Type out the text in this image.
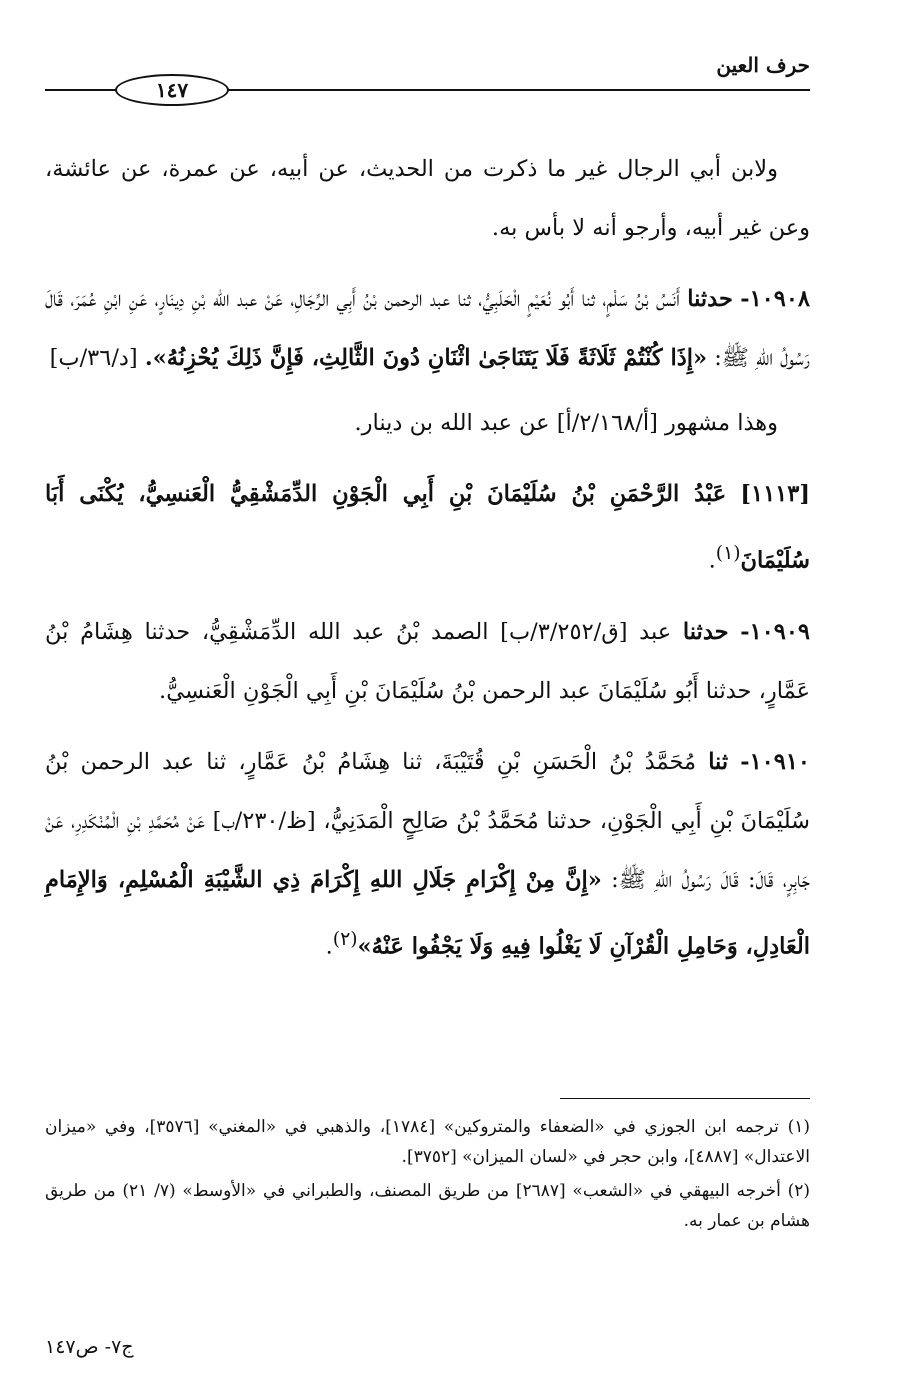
حرف العين
١٤٧

ولابن أبي الرجال غير ما ذكرت من الحديث، عن أبيه، عن عمرة، عن عائشة، وعن غير أبيه، وأرجو أنه لا بأس به.

١٠٩٠٨- حدثنا أَنَسُ بْنُ سَلْمٍ، ثنا أَبُو نُعَيْمٍ الْحَلَبِيُّ، ثنا عبد الرحمن بْنُ أَبِي الرِّجَالِ، عَنْ عبد الله بْنِ دِينَارٍ، عَنِ ابْنِ عُمَرَ، قَالَ رَسُولُ اللهِ ﷺ: «إِذَا كُنْتُمْ ثَلَاثَةً فَلَا يَتَنَاجَىٰ اثْنَانِ دُونَ الثَّالِثِ، فَإِنَّ ذَلِكَ يُحْزِنُهُ». [د/٣٦/ب]

وهذا مشهور [أ/٢/١٦٨/أ] عن عبد الله بن دينار.

[١١١٣] عَبْدُ الرَّحْمَنِ بْنُ سُلَيْمَانَ بْنِ أَبِي الْجَوْنِ الدِّمَشْقِيُّ الْعَنسِيُّ، يُكْنَى أَبَا سُلَيْمَانَ$^{(١)}$.

١٠٩٠٩- حدثنا عبد [ق/٣/٢٥٢/ب] الصمد بْنُ عبد الله الدِّمَشْقِيُّ، حدثنا هِشَامُ بْنُ عَمَّارٍ، حدثنا أَبُو سُلَيْمَانَ عبد الرحمن بْنُ سُلَيْمَانَ بْنِ أَبِي الْجَوْنِ الْعَنسِيُّ.

١٠٩١٠- ثنا مُحَمَّدُ بْنُ الْحَسَنِ بْنِ قُتَيْبَةَ، ثنا هِشَامُ بْنُ عَمَّارٍ، ثنا عبد الرحمن بْنُ سُلَيْمَانَ بْنِ أَبِي الْجَوْنِ، حدثنا مُحَمَّدُ بْنُ صَالِحٍ الْمَدَنِيُّ، [ظ/٢٣٠/ب] عَنْ مُحَمَّدِ بْنِ الْمُنْكَدِرِ، عَنْ جَابِرٍ، قَالَ: قَالَ رَسُولُ اللهِ ﷺ: «إِنَّ مِنْ إِكْرَامِ جَلَالِ اللهِ إِكْرَامَ ذِي الشَّيْبَةِ الْمُسْلِمِ، وَالإِمَامِ الْعَادِلِ، وَحَامِلِ الْقُرْآنِ لَا يَغْلُوا فِيهِ وَلَا يَجْفُوا عَنْهُ»$^{(٢)}$.

(١) ترجمه ابن الجوزي في «الضعفاء والمتروكين» [١٧٨٤]، والذهبي في «المغني» [٣٥٧٦]، وفي «ميزان الاعتدال» [٤٨٨٧]، وابن حجر في «لسان الميزان» [٣٧٥٢].

(٢) أخرجه البيهقي في «الشعب» [٢٦٨٧] من طريق المصنف، والطبراني في «الأوسط» (٧/ ٢١) من طريق هشام بن عمار به.

ج٧- ص١٤٧
